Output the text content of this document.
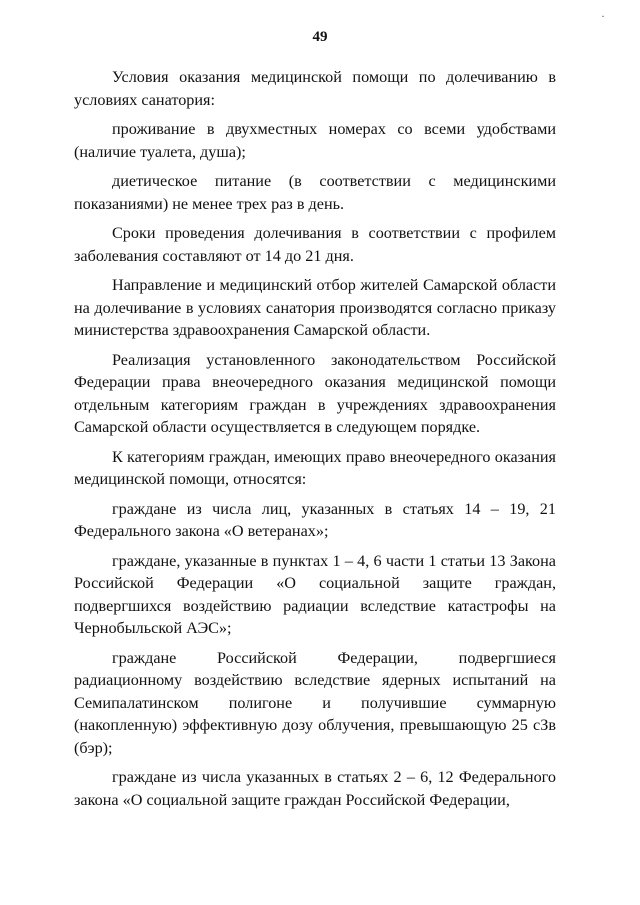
·
49

Условия оказания медицинской помощи по долечиванию в условиях санатория:

проживание в двухместных номерах со всеми удобствами (наличие туалета, душа);

диетическое питание (в соответствии с медицинскими показаниями) не менее трех раз в день.

Сроки проведения долечивания в соответствии с профилем заболевания составляют от 14 до 21 дня.

Направление и медицинский отбор жителей Самарской области на долечивание в условиях санатория производятся согласно приказу министерства здравоохранения Самарской области.

Реализация установленного законодательством Российской Федерации права внеочередного оказания медицинской помощи отдельным категориям граждан в учреждениях здравоохранения Самарской области осуществляется в следующем порядке.

К категориям граждан, имеющих право внеочередного оказания медицинской помощи, относятся:

граждане из числа лиц, указанных в статьях 14 – 19, 21 Федерального закона «О ветеранах»;

граждане, указанные в пунктах 1 – 4, 6 части 1 статьи 13 Закона Российской Федерации «О социальной защите граждан, подвергшихся воздействию радиации вследствие катастрофы на Чернобыльской АЭС»;

граждане Российской Федерации, подвергшиеся радиационному воздействию вследствие ядерных испытаний на Семипалатинском полигоне и получившие суммарную (накопленную) эффективную дозу облучения, превышающую 25 сЗв (бэр);

граждане из числа указанных в статьях 2 – 6, 12 Федерального закона «О социальной защите граждан Российской Федерации,
